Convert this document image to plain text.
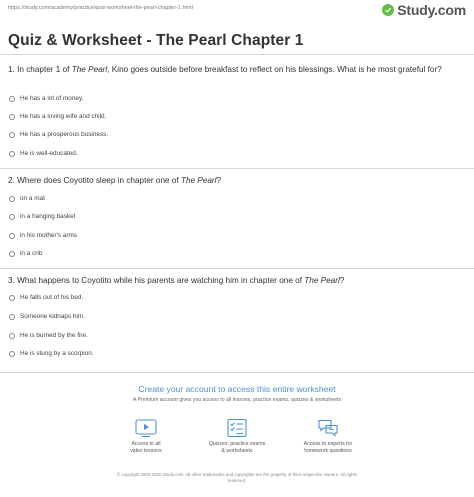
https://study.com/academy/practice/quiz-worksheet-the-pearl-chapter-1.html	Study.com
Quiz & Worksheet - The Pearl Chapter 1
1. In chapter 1 of The Pearl, Kino goes outside before breakfast to reflect on his blessings. What is he most grateful for?
He has a lot of money.
He has a loving wife and child.
He has a prosperous business.
He is well-educated.
2. Where does Coyotito sleep in chapter one of The Pearl?
on a mat
in a hanging basket
in his mother's arms
in a crib
3. What happens to Coyotito while his parents are watching him in chapter one of The Pearl?
He falls out of his bed.
Someone kidnaps him.
He is burned by the fire.
He is stung by a scorpion.
Create your account to access this entire worksheet
A Premium account gives you access to all lessons, practice exams, quizzes & worksheets
Access to all
video lessons
Quizzes, practice exams
& worksheets
Access to experts for
homework questions
© copyright 2003-2020 Study.com. All other trademarks and copyrights are the property of their respective owners. All rights
reserved.
